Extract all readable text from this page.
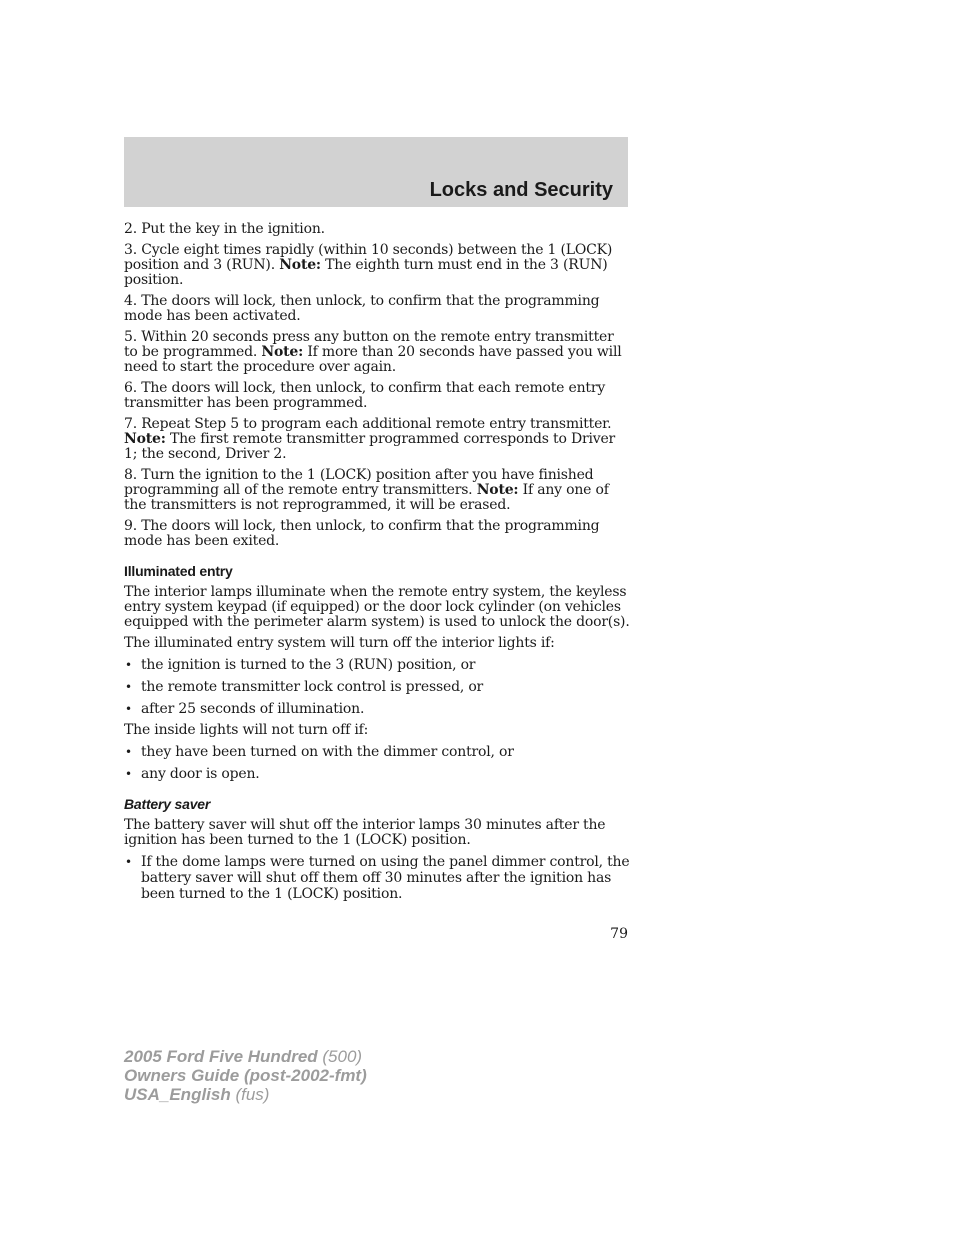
Locks and Security

2. Put the key in the ignition.

3. Cycle eight times rapidly (within 10 seconds) between the 1 (LOCK) position and 3 (RUN). Note: The eighth turn must end in the 3 (RUN) position.

4. The doors will lock, then unlock, to confirm that the programming mode has been activated.

5. Within 20 seconds press any button on the remote entry transmitter to be programmed. Note: If more than 20 seconds have passed you will need to start the procedure over again.

6. The doors will lock, then unlock, to confirm that each remote entry transmitter has been programmed.

7. Repeat Step 5 to program each additional remote entry transmitter. Note: The first remote transmitter programmed corresponds to Driver 1; the second, Driver 2.

8. Turn the ignition to the 1 (LOCK) position after you have finished programming all of the remote entry transmitters. Note: If any one of the transmitters is not reprogrammed, it will be erased.

9. The doors will lock, then unlock, to confirm that the programming mode has been exited.

Illuminated entry

The interior lamps illuminate when the remote entry system, the keyless entry system keypad (if equipped) or the door lock cylinder (on vehicles equipped with the perimeter alarm system) is used to unlock the door(s).

The illuminated entry system will turn off the interior lights if:

• the ignition is turned to the 3 (RUN) position, or
• the remote transmitter lock control is pressed, or
• after 25 seconds of illumination.

The inside lights will not turn off if:

• they have been turned on with the dimmer control, or
• any door is open.
Battery saver

The battery saver will shut off the interior lamps 30 minutes after the ignition has been turned to the 1 (LOCK) position.

• If the dome lamps were turned on using the panel dimmer control, the battery saver will shut off them off 30 minutes after the ignition has been turned to the 1 (LOCK) position.
79
2005 Ford Five Hundred (500)
Owners Guide (post-2002-fmt)
USA_English (fus)
